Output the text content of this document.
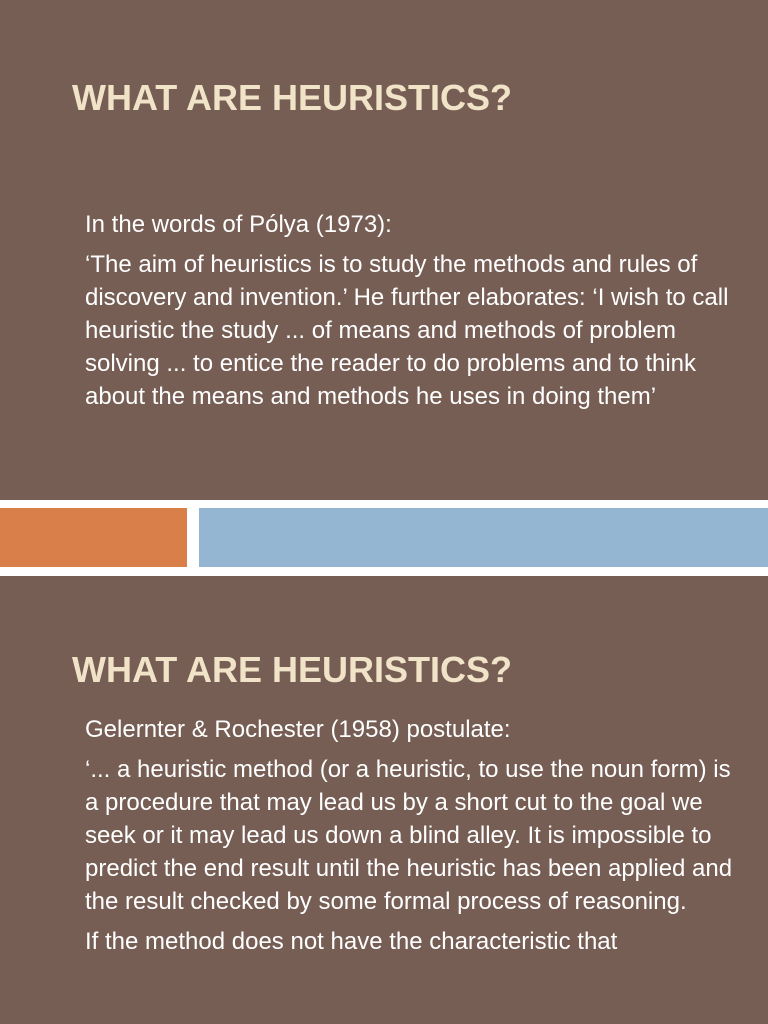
WHAT ARE HEURISTICS?

In the words of Pólya (1973):

‘The aim of heuristics is to study the methods and rules of discovery and invention.’ He further elaborates: ‘I wish to call heuristic the study ... of means and methods of problem solving ... to entice the reader to do problems and to think about the means and methods he uses in doing them’

WHAT ARE HEURISTICS?

Gelernter & Rochester (1958) postulate:

‘... a heuristic method (or a heuristic, to use the noun form) is a procedure that may lead us by a short cut to the goal we seek or it may lead us down a blind alley. It is impossible to predict the end result until the heuristic has been applied and the result checked by some formal process of reasoning.

If the method does not have the characteristic that
